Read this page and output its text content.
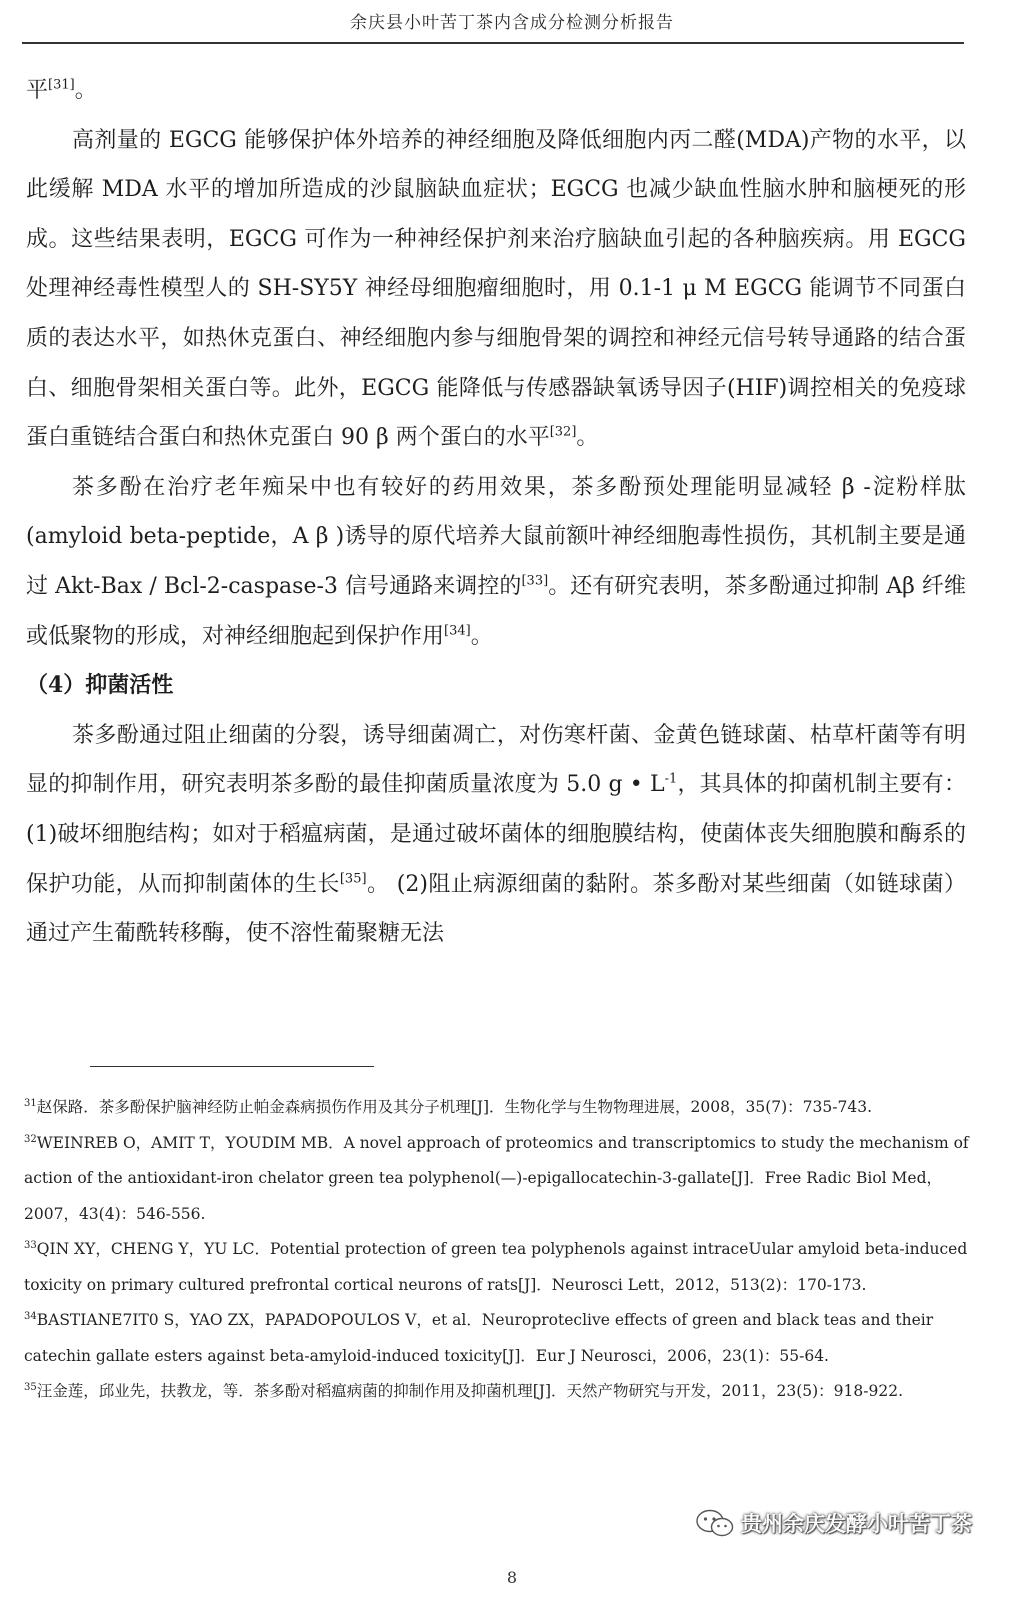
余庆县小叶苦丁茶内含成分检测分析报告

平[31]。

高剂量的 EGCG 能够保护体外培养的神经细胞及降低细胞内丙二醛(MDA)产物的水平，以此缓解 MDA 水平的增加所造成的沙鼠脑缺血症状；EGCG 也减少缺血性脑水肿和脑梗死的形成。这些结果表明，EGCG 可作为一种神经保护剂来治疗脑缺血引起的各种脑疾病。用 EGCG 处理神经毒性模型人的 SH-SY5Y 神经母细胞瘤细胞时，用 0.1-1 μ M EGCG 能调节不同蛋白质的表达水平，如热休克蛋白、神经细胞内参与细胞骨架的调控和神经元信号转导通路的结合蛋白、细胞骨架相关蛋白等。此外，EGCG 能降低与传感器缺氧诱导因子(HIF)调控相关的免疫球蛋白重链结合蛋白和热休克蛋白 90 β 两个蛋白的水平[32]。

茶多酚在治疗老年痴呆中也有较好的药用效果，茶多酚预处理能明显减轻 β -淀粉样肽(amyloid beta-peptide，A β )诱导的原代培养大鼠前额叶神经细胞毒性损伤，其机制主要是通过 Akt-Bax / Bcl-2-caspase-3 信号通路来调控的[33]。还有研究表明，茶多酚通过抑制 Aβ 纤维或低聚物的形成，对神经细胞起到保护作用[34]。

（4）抑菌活性

茶多酚通过阻止细菌的分裂，诱导细菌凋亡，对伤寒杆菌、金黄色链球菌、枯草杆菌等有明显的抑制作用，研究表明茶多酚的最佳抑菌质量浓度为 5.0 g • $L^{-1}$，其具体的抑菌机制主要有：(1)破坏细胞结构；如对于稻瘟病菌，是通过破坏菌体的细胞膜结构，使菌体丧失细胞膜和酶系的保护功能，从而抑制菌体的生长[35]。 (2)阻止病源细菌的黏附。茶多酚对某些细菌（如链球菌）通过产生葡酰转移酶，使不溶性葡聚糖无法

$^{31}$赵保路．茶多酚保护脑神经防止帕金森病损伤作用及其分子机理[J]．生物化学与生物物理进展，2008，35(7)：735-743.

$^{32}$WEINREB O，AMIT T，YOUDIM MB．A novel approach of proteomics and transcriptomics to study the mechanism of action of the antioxidant-iron chelator green tea polyphenol(—)-epigallocatechin-3-gallate[J]．Free Radic Biol Med，2007，43(4)：546-556.

$^{33}$QIN XY，CHENG Y，YU LC．Potential protection of green tea polyphenols against intraceUular amyloid beta-induced toxicity on primary cultured prefrontal cortical neurons of rats[J]．Neurosci Lett，2012，513(2)：170-173.

$^{34}$BASTIANE7IT0 S，YAO ZX，PAPADOPOULOS V，et al．Neuroproteclive effects of green and black teas and their catechin gallate esters against beta-amyloid-induced toxicity[J]．Eur J Neurosci，2006，23(1)：55-64.

$^{35}$汪金莲，邱业先，扶教龙，等．茶多酚对稻瘟病菌的抑制作用及抑菌机理[J]．天然产物研究与开发，2011，23(5)：918-922.

贵州余庆发酵小叶苦丁茶
8
